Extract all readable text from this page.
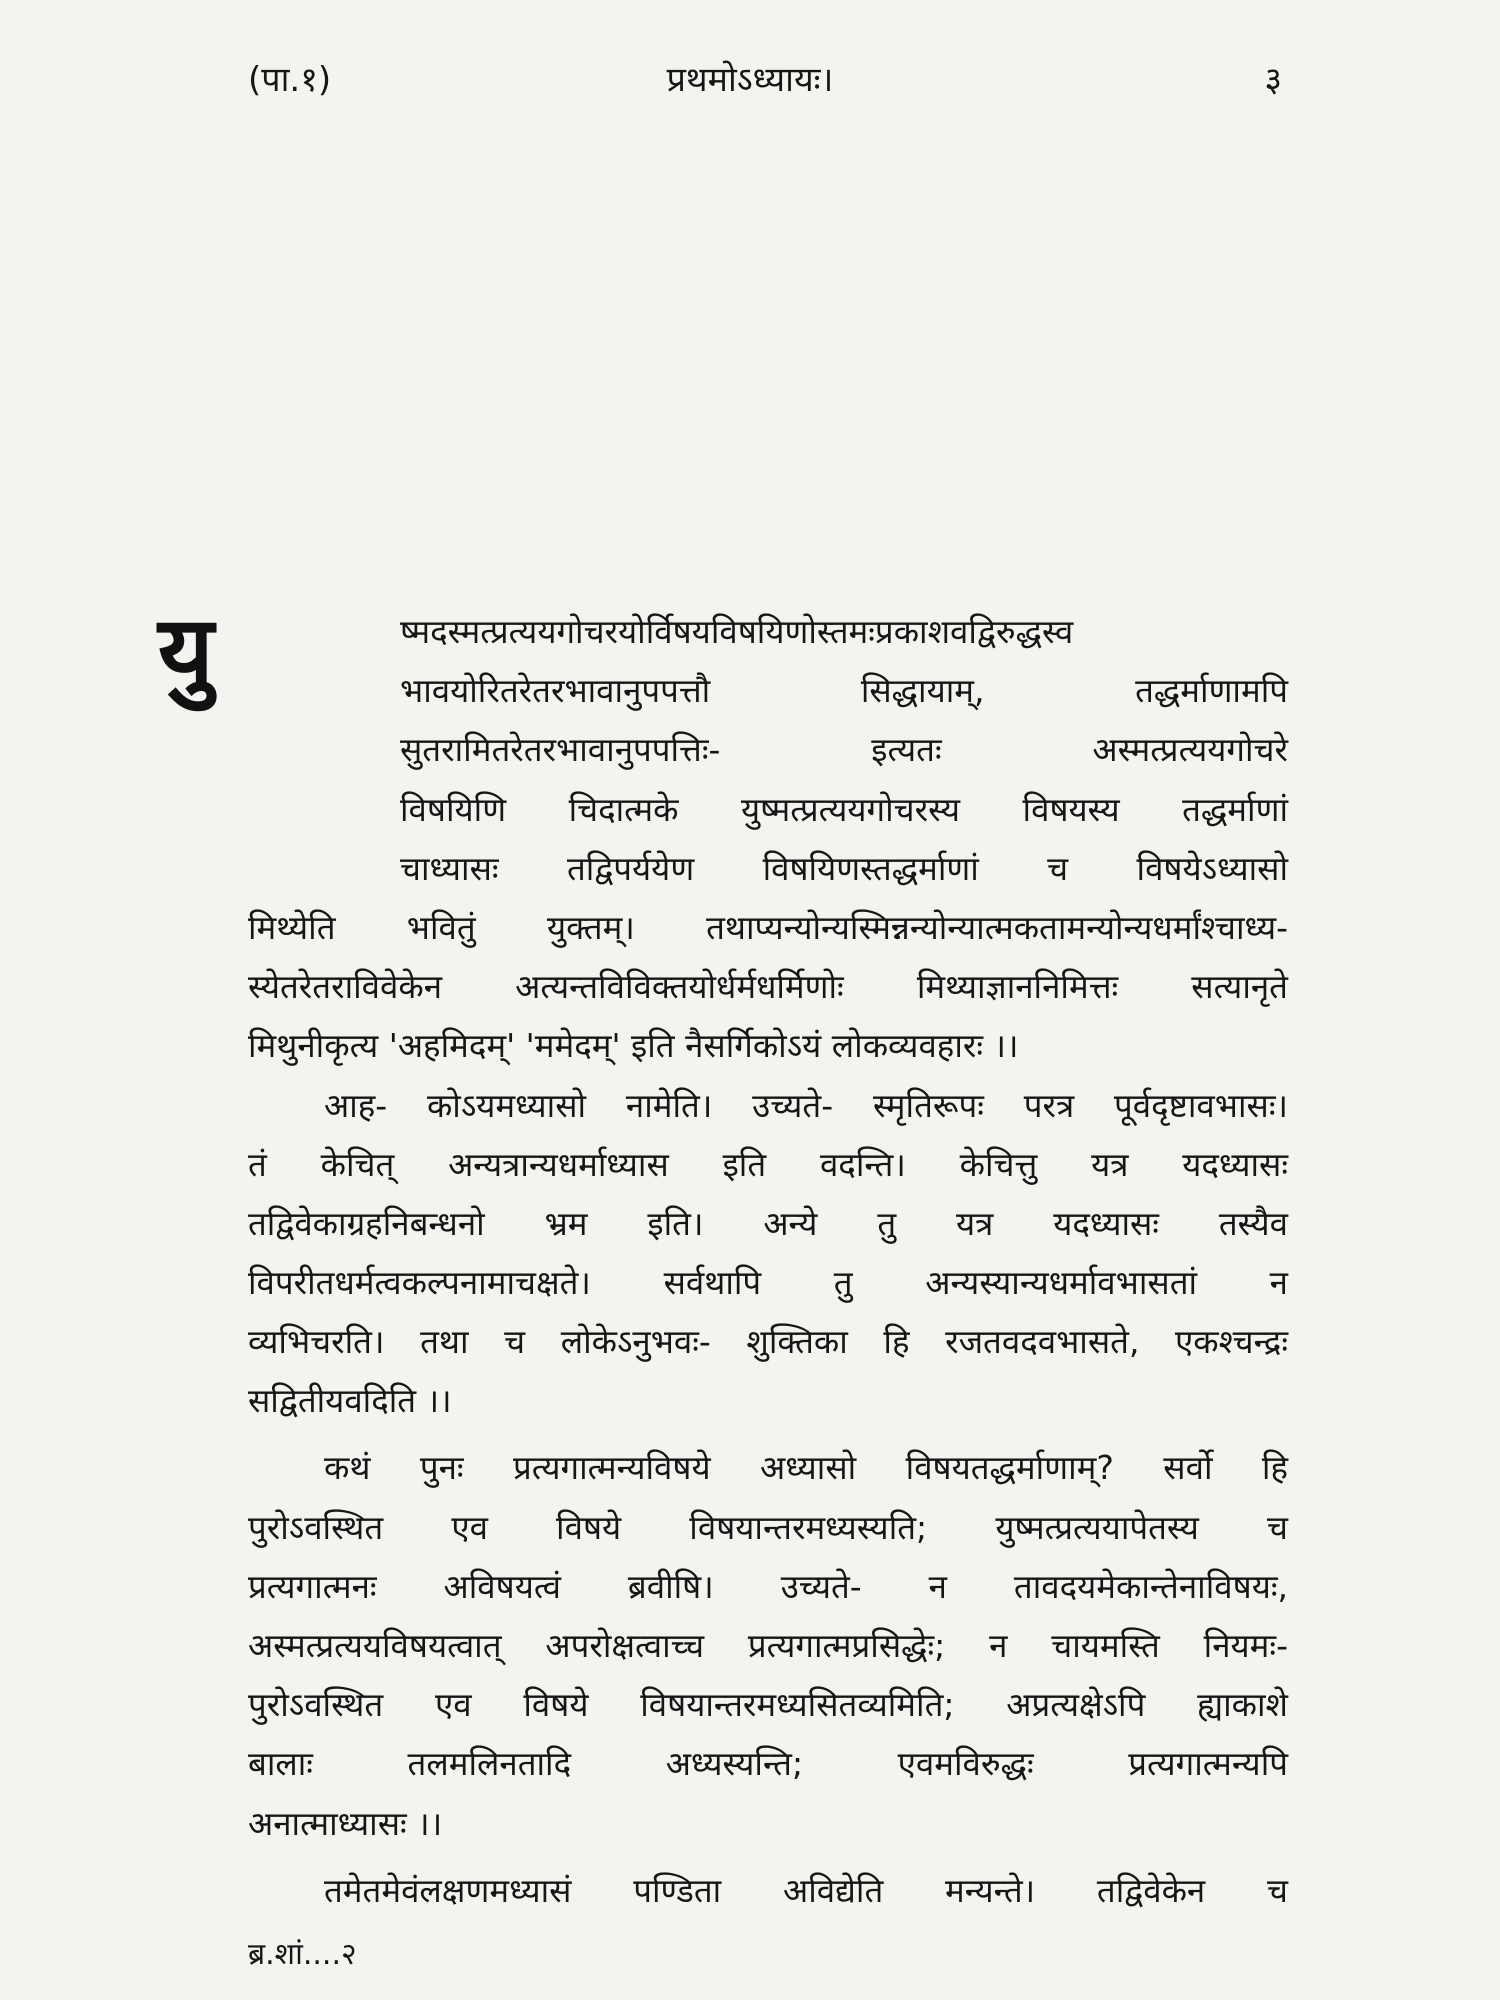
(पा.१)	प्रथमोऽध्यायः।	३
यु	ष्मदस्मत्प्रत्ययगोचरयोर्विषयविषयिणोस्तमःप्रकाशवद्विरुद्धस्व
भावयोरितरेतरभावानुपपत्तौ सिद्धायाम्, तद्धर्माणामपि
सुतरामितरेतरभावानुपपत्तिः- इत्यतः अस्मत्प्रत्ययगोचरे
विषयिणि चिदात्मके युष्मत्प्रत्ययगोचरस्य विषयस्य तद्धर्माणां
चाध्यासः तद्विपर्ययेण विषयिणस्तद्धर्माणां च विषयेऽध्यासो
मिथ्येति भवितुं युक्तम्। तथाप्यन्योन्यस्मिन्नन्योन्यात्मकतामन्योन्यधर्मांश्चाध्य-
स्येतरेतराविवेकेन अत्यन्तविविक्तयोर्धर्मधर्मिणोः मिथ्याज्ञाननिमित्तः सत्यानृते
मिथुनीकृत्य 'अहमिदम्' 'ममेदम्' इति नैसर्गिकोऽयं लोकव्यवहारः ।।
आह- कोऽयमध्यासो नामेति। उच्यते- स्मृतिरूपः परत्र पूर्वदृष्टावभासः।
तं केचित् अन्यत्रान्यधर्माध्यास इति वदन्ति। केचित्तु यत्र यदध्यासः
तद्विवेकाग्रहनिबन्धनो भ्रम इति। अन्ये तु यत्र यदध्यासः तस्यैव
विपरीतधर्मत्वकल्पनामाचक्षते। सर्वथापि तु अन्यस्यान्यधर्मावभासतां न
व्यभिचरति। तथा च लोकेऽनुभवः- शुक्तिका हि रजतवदवभासते, एकश्चन्द्रः
सद्वितीयवदिति ।।
कथं पुनः प्रत्यगात्मन्यविषये अध्यासो विषयतद्धर्माणाम्? सर्वो हि
पुरोऽवस्थित एव विषये विषयान्तरमध्यस्यति; युष्मत्प्रत्ययापेतस्य च
प्रत्यगात्मनः अविषयत्वं ब्रवीषि। उच्यते- न तावदयमेकान्तेनाविषयः,
अस्मत्प्रत्ययविषयत्वात् अपरोक्षत्वाच्च प्रत्यगात्मप्रसिद्धेः; न चायमस्ति नियमः-
पुरोऽवस्थित एव विषये विषयान्तरमध्यसितव्यमिति; अप्रत्यक्षेऽपि ह्याकाशे
बालाः तलमलिनतादि अध्यस्यन्ति; एवमविरुद्धः प्रत्यगात्मन्यपि
अनात्माध्यासः ।।
तमेतमेवंलक्षणमध्यासं पण्डिता अविद्येति मन्यन्ते। तद्विवेकेन च
ब्र.शां....२
